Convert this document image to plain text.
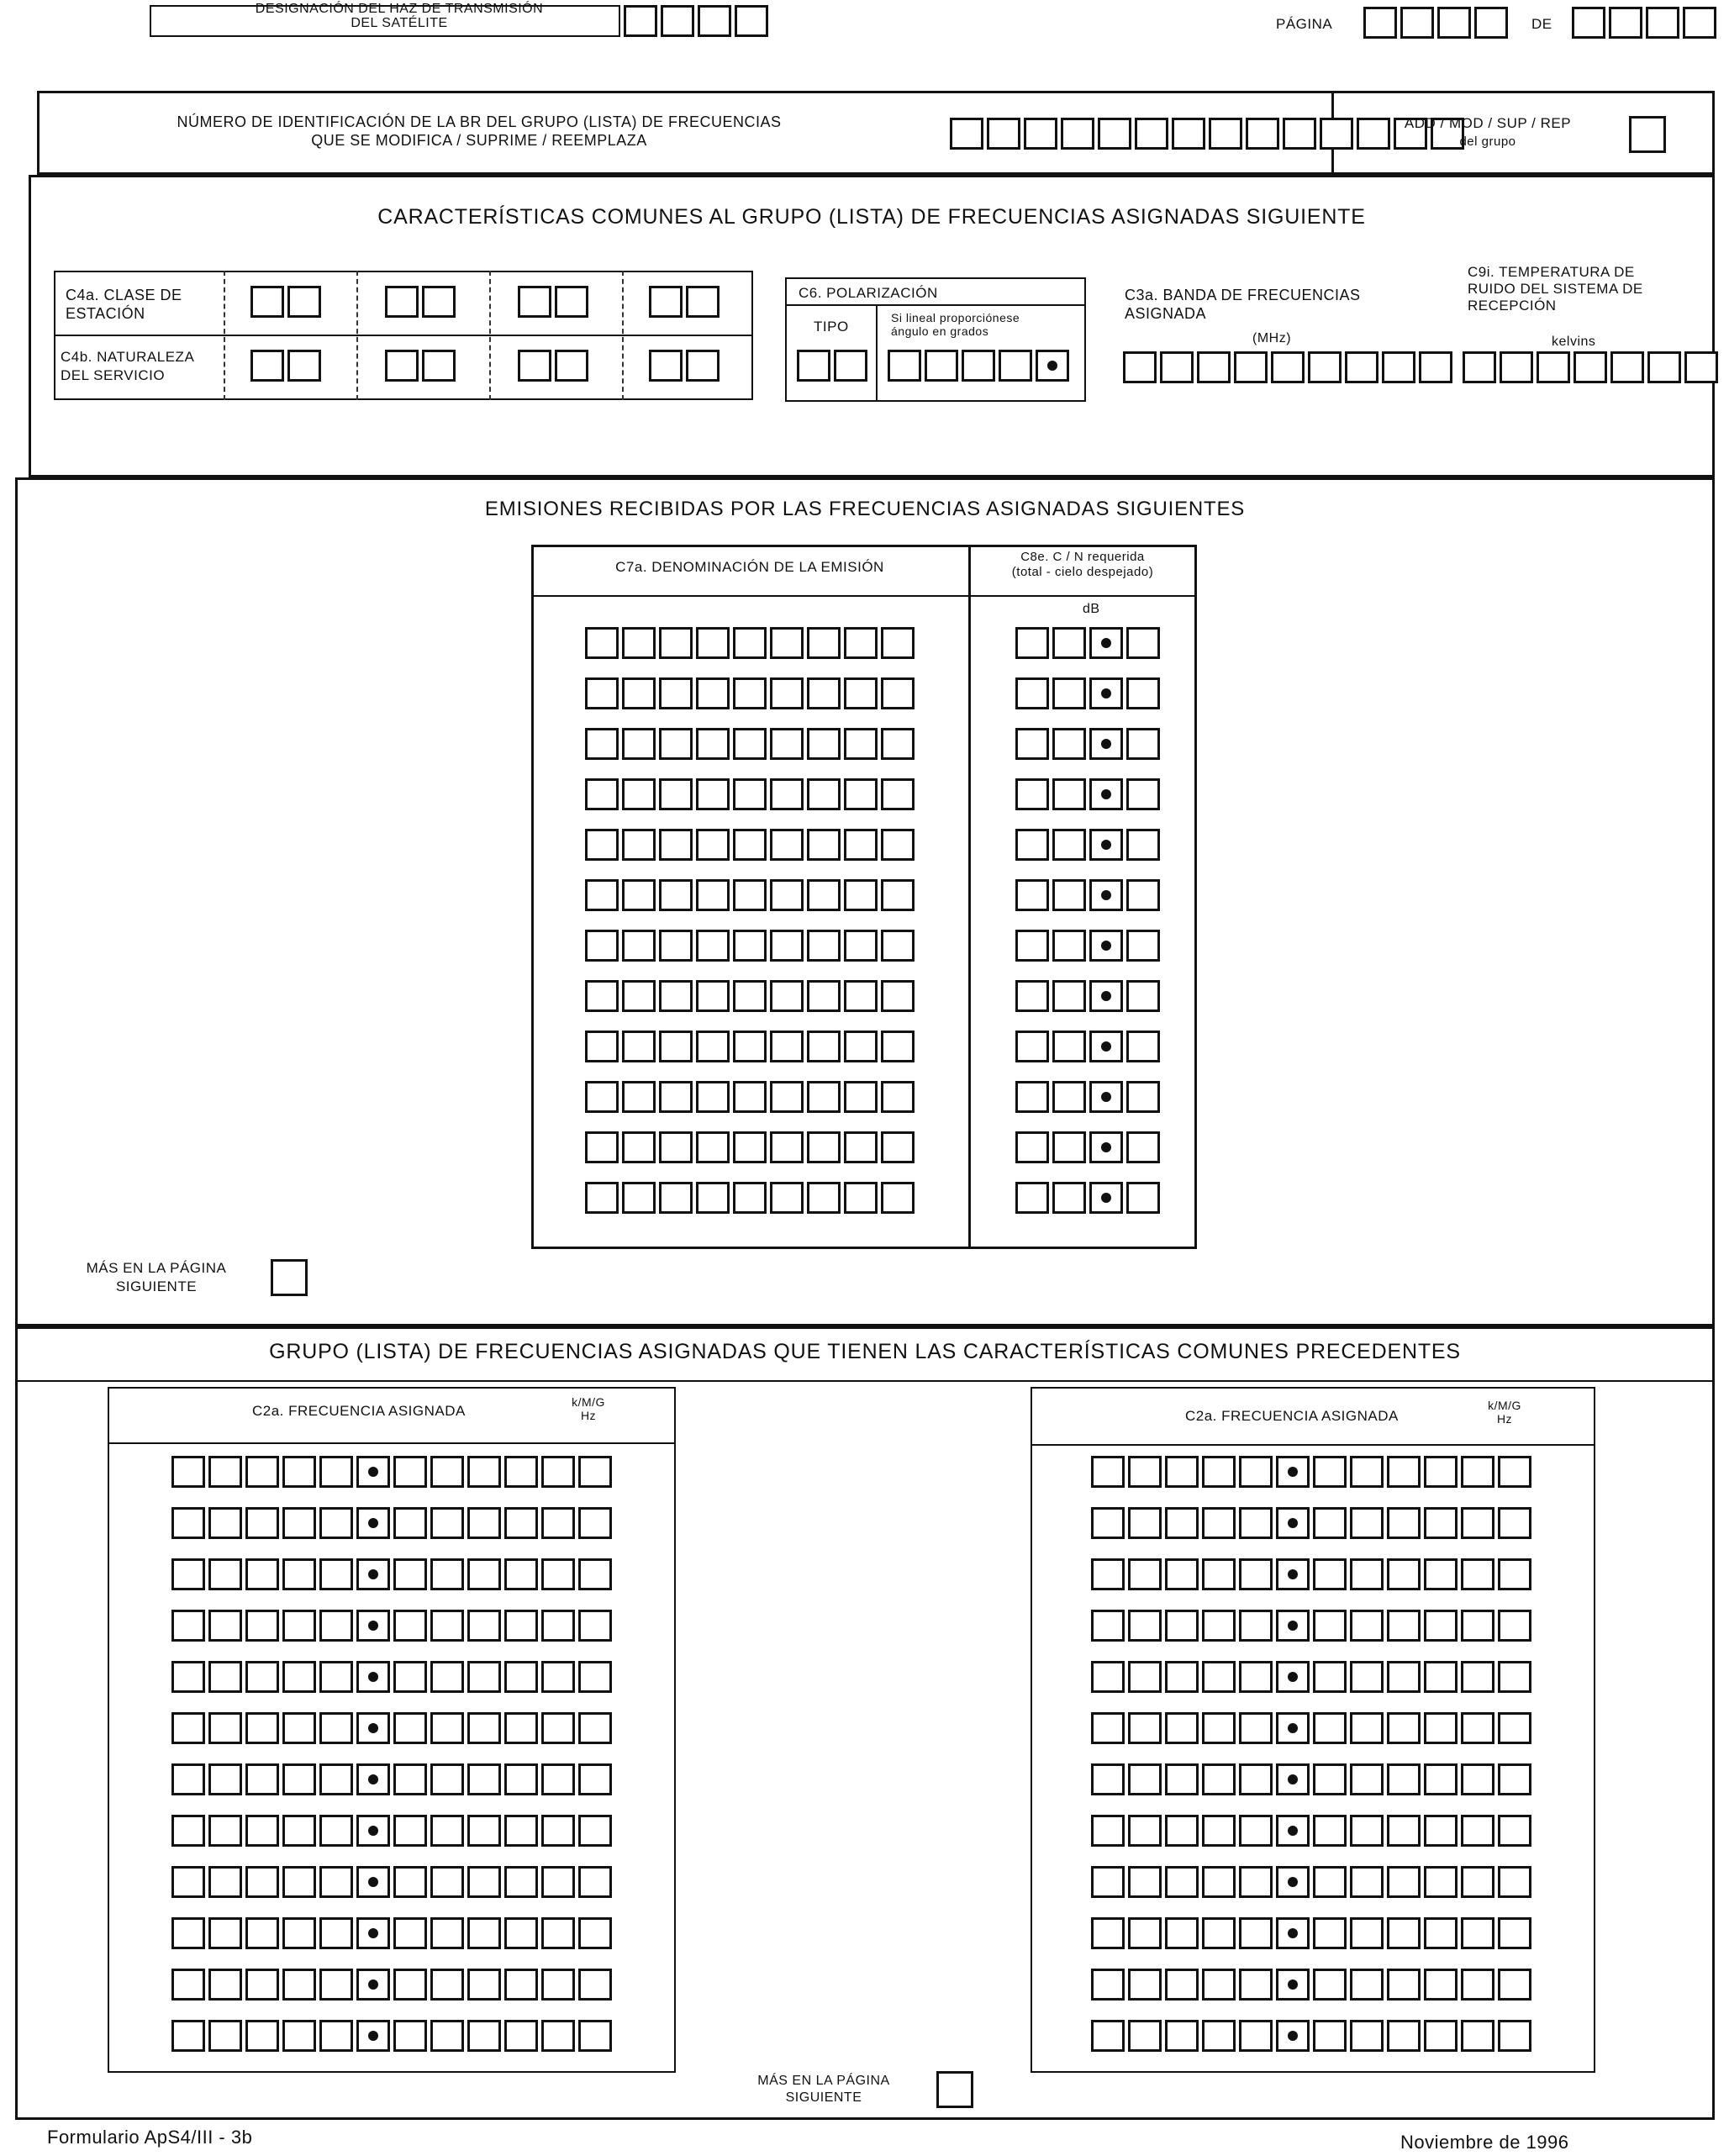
DESIGNACIÓN DEL HAZ DE TRANSMISIÓN
DEL SATÉLITE	PÁGINA	DE
NÚMERO DE IDENTIFICACIÓN DE LA BR DEL GRUPO (LISTA) DE FRECUENCIAS
QUE SE MODIFICA / SUPRIME / REEMPLAZA
ADD / MOD / SUP / REP
del grupo
CARACTERÍSTICAS COMUNES AL GRUPO (LISTA) DE FRECUENCIAS ASIGNADAS SIGUIENTE
C4a. CLASE DE
ESTACIÓN
C4b. NATURALEZA
DEL SERVICIO
C6. POLARIZACIÓN
TIPO
Si lineal proporciónese
ángulo en grados
C3a. BANDA DE FRECUENCIAS
ASIGNADA
(MHz)
C9i. TEMPERATURA DE
RUIDO DEL SISTEMA DE
RECEPCIÓN
kelvins
EMISIONES RECIBIDAS POR LAS FRECUENCIAS ASIGNADAS SIGUIENTES
C7a. DENOMINACIÓN DE LA EMISIÓN
C8e. C / N requerida
(total - cielo despejado)
dB
MÁS EN LA PÁGINA
SIGUIENTE
GRUPO (LISTA) DE FRECUENCIAS ASIGNADAS QUE TIENEN LAS CARACTERÍSTICAS COMUNES PRECEDENTES
C2a. FRECUENCIA ASIGNADA
k/M/G
Hz	C2a. FRECUENCIA ASIGNADA
k/M/G
Hz
MÁS EN LA PÁGINA
SIGUIENTE
Formulario ApS4/III - 3b	Noviembre de 1996
